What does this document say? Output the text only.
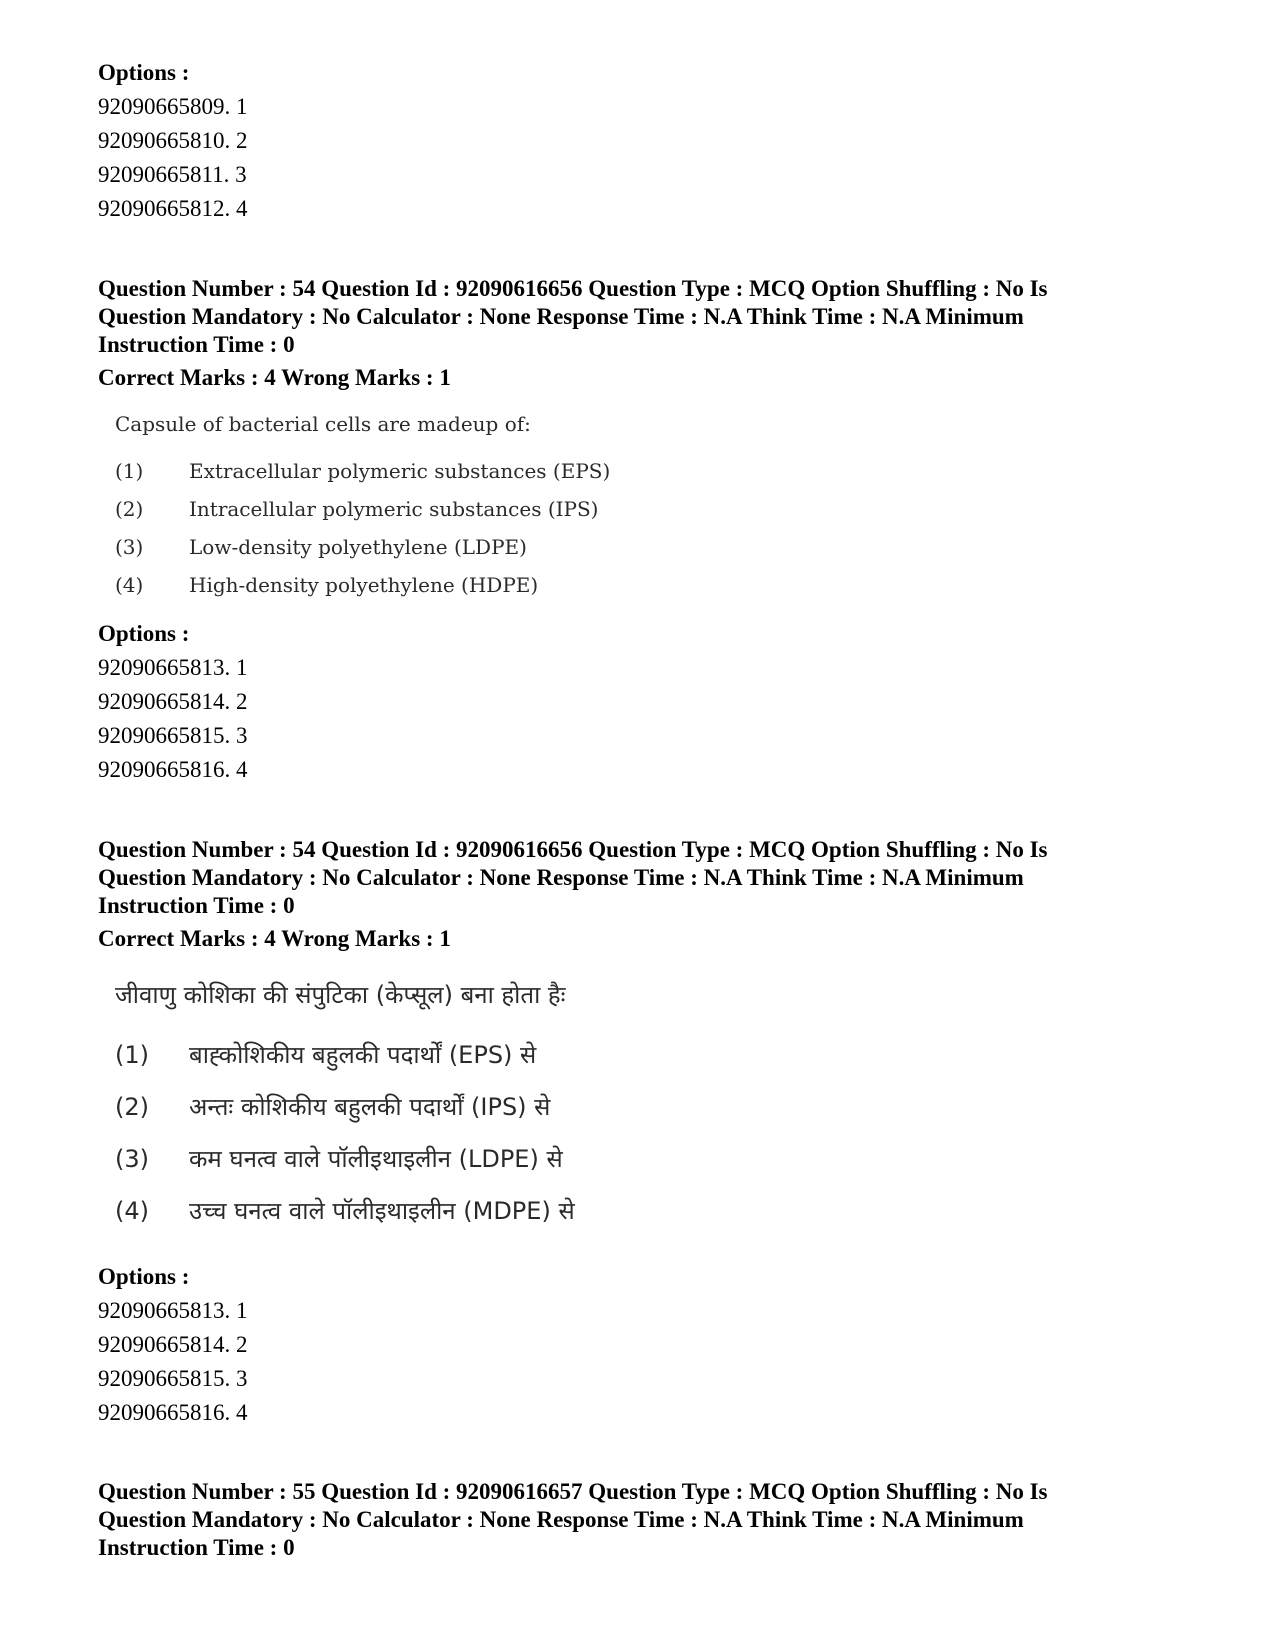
Options :
92090665809. 1
92090665810. 2
92090665811. 3
92090665812. 4
Question Number : 54 Question Id : 92090616656 Question Type : MCQ Option Shuffling : No Is
Question Mandatory : No Calculator : None Response Time : N.A Think Time : N.A Minimum
Instruction Time : 0
Correct Marks : 4 Wrong Marks : 1
Capsule of bacterial cells are madeup of:
(1) Extracellular polymeric substances (EPS)
(2) Intracellular polymeric substances (IPS)
(3) Low-density polyethylene (LDPE)
(4) High-density polyethylene (HDPE)
Options :
92090665813. 1
92090665814. 2
92090665815. 3
92090665816. 4
Question Number : 54 Question Id : 92090616656 Question Type : MCQ Option Shuffling : No Is
Question Mandatory : No Calculator : None Response Time : N.A Think Time : N.A Minimum
Instruction Time : 0
Correct Marks : 4 Wrong Marks : 1
जीवाणु कोशिका की संपुटिका (केप्सूल) बना होता हैः
(1) बाह्कोशिकीय बहुलकी पदार्थों (EPS) से
(2) अन्तः कोशिकीय बहुलकी पदार्थों (IPS) से
(3) कम घनत्व वाले पॉलीइथाइलीन (LDPE) से
(4) उच्च घनत्व वाले पॉलीइथाइलीन (MDPE) से
Options :
92090665813. 1
92090665814. 2
92090665815. 3
92090665816. 4
Question Number : 55 Question Id : 92090616657 Question Type : MCQ Option Shuffling : No Is
Question Mandatory : No Calculator : None Response Time : N.A Think Time : N.A Minimum
Instruction Time : 0
